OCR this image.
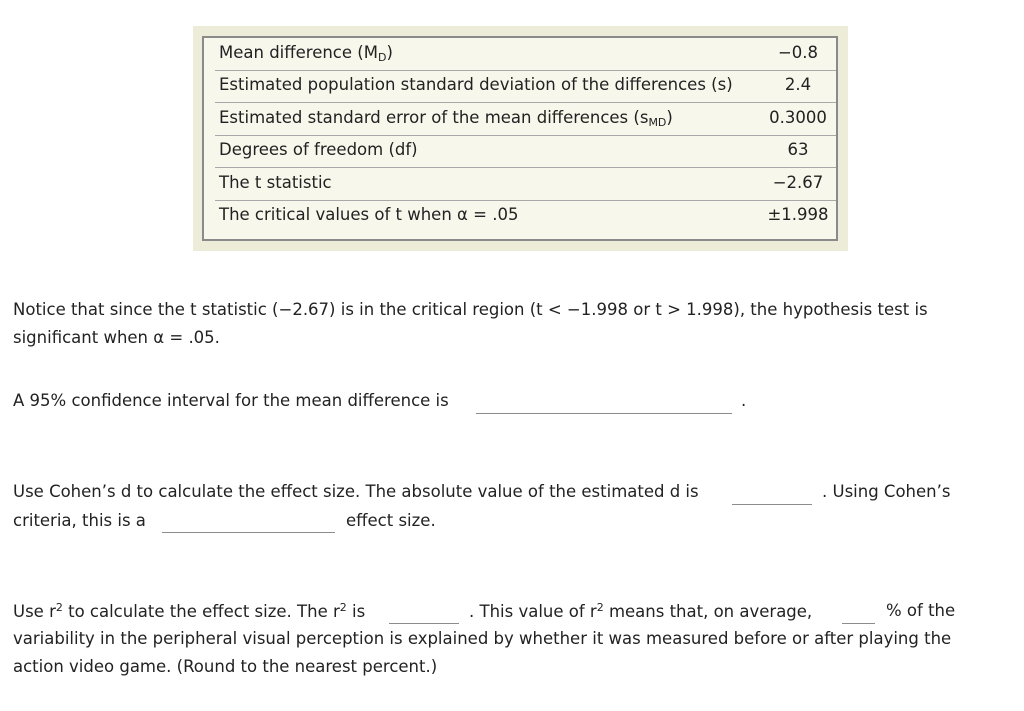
Mean difference $(M_D)$	−0.8
Estimated population standard deviation of the differences (s)	2.4
Estimated standard error of the mean differences $(s_{MD})$	0.3000
Degrees of freedom (df)	63
The t statistic	−2.67
The critical values of t when α = .05	±1.998
Notice that since the t statistic (−2.67) is in the critical region (t < −1.998 or t > 1.998), the hypothesis test is
significant when α = .05.
A 95% confidence interval for the mean difference is	.
Use Cohen’s d to calculate the effect size. The absolute value of the estimated d is	. Using Cohen’s
criteria, this is a	effect size.
Use $r^2$ to calculate the effect size. The $r^2$ is	. This value of $r^2$ means that, on average,	% of the
variability in the peripheral visual perception is explained by whether it was measured before or after playing the
action video game. (Round to the nearest percent.)
